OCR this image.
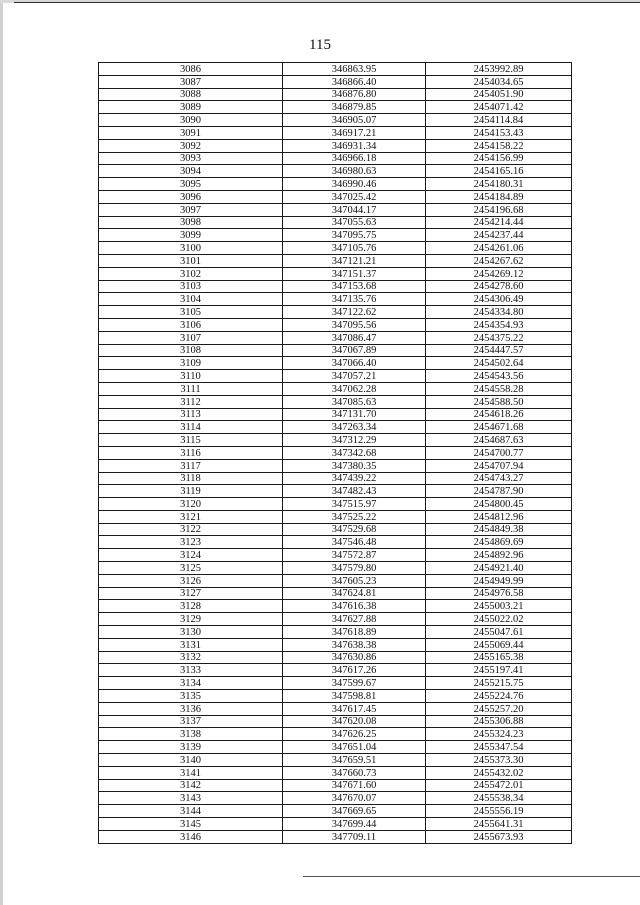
115
3086	346863.95	2453992.89
3087	346866.40	2454034.65
3088	346876.80	2454051.90
3089	346879.85	2454071.42
3090	346905.07	2454114.84
3091	346917.21	2454153.43
3092	346931.34	2454158.22
3093	346966.18	2454156.99
3094	346980.63	2454165.16
3095	346990.46	2454180.31
3096	347025.42	2454184.89
3097	347044.17	2454196.68
3098	347055.63	2454214.44
3099	347095.75	2454237.44
3100	347105.76	2454261.06
3101	347121.21	2454267.62
3102	347151.37	2454269.12
3103	347153.68	2454278.60
3104	347135.76	2454306.49
3105	347122.62	2454334.80
3106	347095.56	2454354.93
3107	347086.47	2454375.22
3108	347067.89	2454447.57
3109	347066.40	2454502.64
3110	347057.21	2454543.56
3111	347062.28	2454558.28
3112	347085.63	2454588.50
3113	347131.70	2454618.26
3114	347263.34	2454671.68
3115	347312.29	2454687.63
3116	347342.68	2454700.77
3117	347380.35	2454707.94
3118	347439.22	2454743.27
3119	347482.43	2454787.90
3120	347515.97	2454800.45
3121	347525.22	2454812.96
3122	347529.68	2454849.38
3123	347546.48	2454869.69
3124	347572.87	2454892.96
3125	347579.80	2454921.40
3126	347605.23	2454949.99
3127	347624.81	2454976.58
3128	347616.38	2455003.21
3129	347627.88	2455022.02
3130	347618.89	2455047.61
3131	347638.38	2455069.44
3132	347630.86	2455165.38
3133	347617.26	2455197.41
3134	347599.67	2455215.75
3135	347598.81	2455224.76
3136	347617.45	2455257.20
3137	347620.08	2455306.88
3138	347626.25	2455324.23
3139	347651.04	2455347.54
3140	347659.51	2455373.30
3141	347660.73	2455432.02
3142	347671.60	2455472.01
3143	347670.07	2455538.34
3144	347669.65	2455556.19
3145	347699.44	2455641.31
3146	347709.11	2455673.93
